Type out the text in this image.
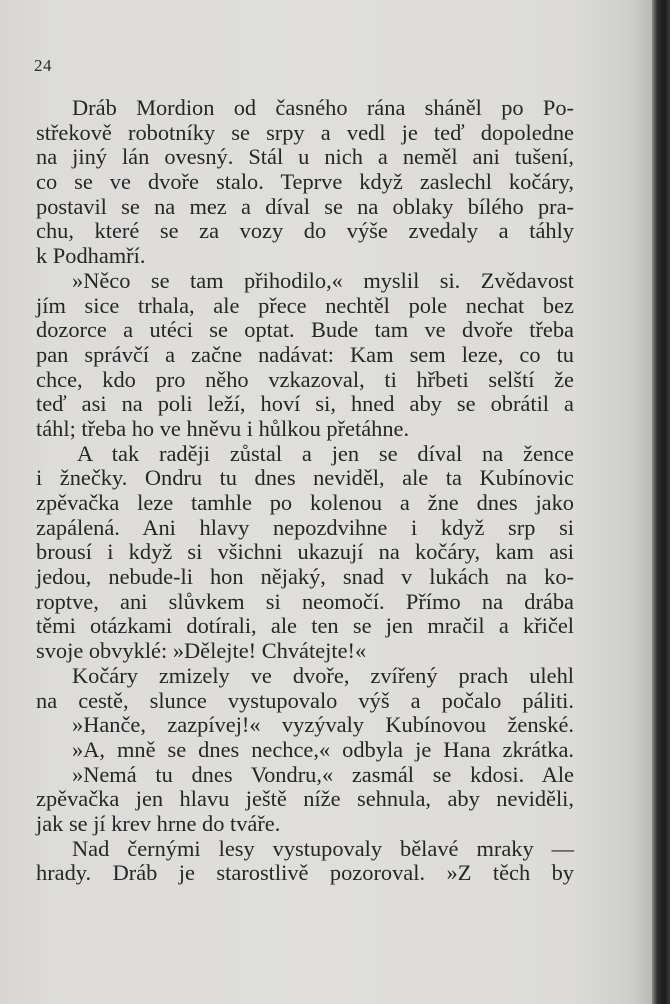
24
Dráb Mordion od časného rána sháněl po Po-
střekově robotníky se srpy a vedl je teď dopoledne
na jiný lán ovesný. Stál u nich a neměl ani tušení,
co se ve dvoře stalo. Teprve když zaslechl kočáry,
postavil se na mez a díval se na oblaky bílého pra-
chu, které se za vozy do výše zvedaly a táhly
k Podhamří.
»Něco se tam přihodilo,« myslil si. Zvědavost
jím sice trhala, ale přece nechtěl pole nechat bez
dozorce a utéci se optat. Bude tam ve dvoře třeba
pan správčí a začne nadávat: Kam sem leze, co tu
chce, kdo pro něho vzkazoval, ti hřbeti selští že
teď asi na poli leží, hoví si, hned aby se obrátil a
táhl; třeba ho ve hněvu i hůlkou přetáhne.
A tak raději zůstal a jen se díval na žence
i žnečky. Ondru tu dnes neviděl, ale ta Kubínovic
zpěvačka leze tamhle po kolenou a žne dnes jako
zapálená. Ani hlavy nepozdvihne i když srp si
brousí i když si všichni ukazují na kočáry, kam asi
jedou, nebude-li hon nějaký, snad v lukách na ko-
roptve, ani slůvkem si neomočí. Přímo na drába
těmi otázkami dotírali, ale ten se jen mračil a křičel
svoje obvyklé: »Dělejte! Chvátejte!«
Kočáry zmizely ve dvoře, zvířený prach ulehl
na cestě, slunce vystupovalo výš a počalo páliti.
»Hanče, zazpívej!« vyzývaly Kubínovou ženské.
»A, mně se dnes nechce,« odbyla je Hana zkrátka.
»Nemá tu dnes Vondru,« zasmál se kdosi. Ale
zpěvačka jen hlavu ještě níže sehnula, aby neviděli,
jak se jí krev hrne do tváře.
Nad černými lesy vystupovaly bělavé mraky —
hrady. Dráb je starostlivě pozoroval. »Z těch by
